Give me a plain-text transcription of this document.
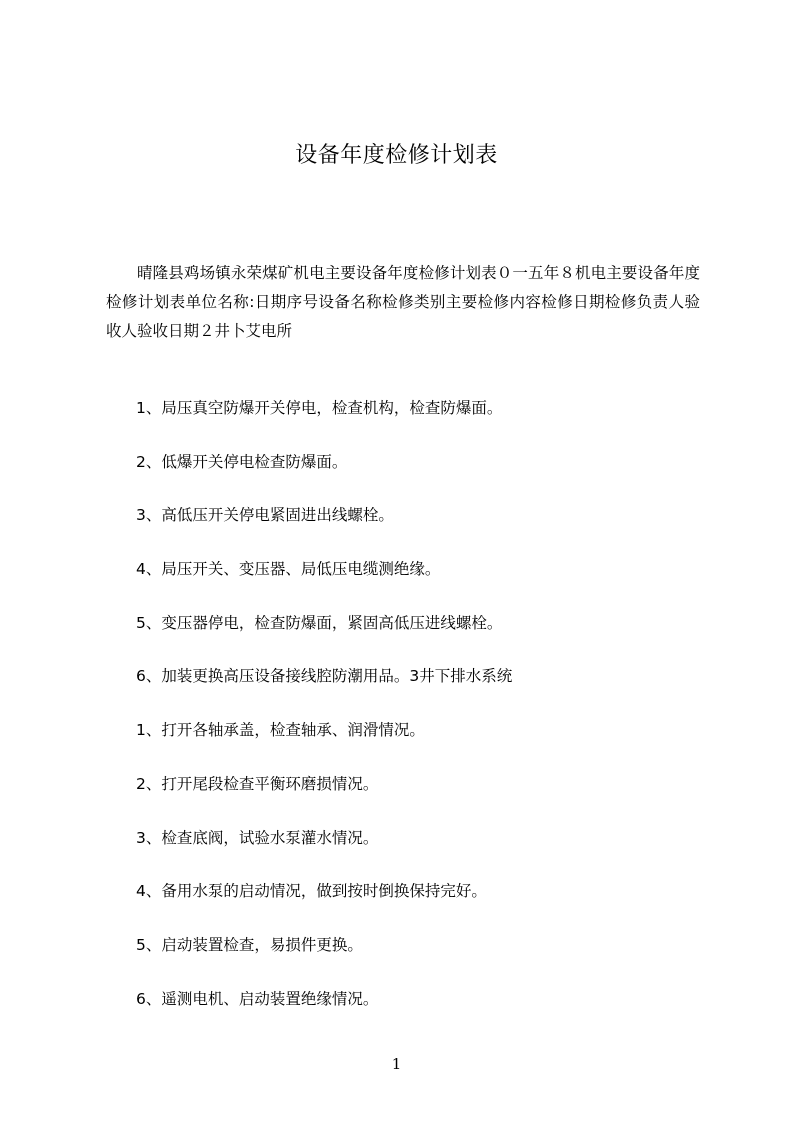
设备年度检修计划表

晴隆县鸡场镇永荣煤矿机电主要设备年度检修计划表０一五年８机电主要设备年度检修计划表单位名称:日期序号设备名称检修类别主要检修内容检修日期检修负责人验收人验收日期２井卜艾电所

1、局压真空防爆开关停电，检查机构，检查防爆面。
2、低爆开关停电检查防爆面。
3、高低压开关停电紧固进出线螺栓。
4、局压开关、变压器、局低压电缆测绝缘。
5、变压器停电，检查防爆面，紧固高低压进线螺栓。
6、加装更换高压设备接线腔防潮用品。3井下排水系统
1、打开各轴承盖，检查轴承、润滑情况。
2、打开尾段检查平衡环磨损情况。
3、检查底阀，试验水泵灌水情况。
4、备用水泵的启动情况，做到按时倒换保持完好。
5、启动装置检查，易损件更换。
6、遥测电机、启动装置绝缘情况。
1
